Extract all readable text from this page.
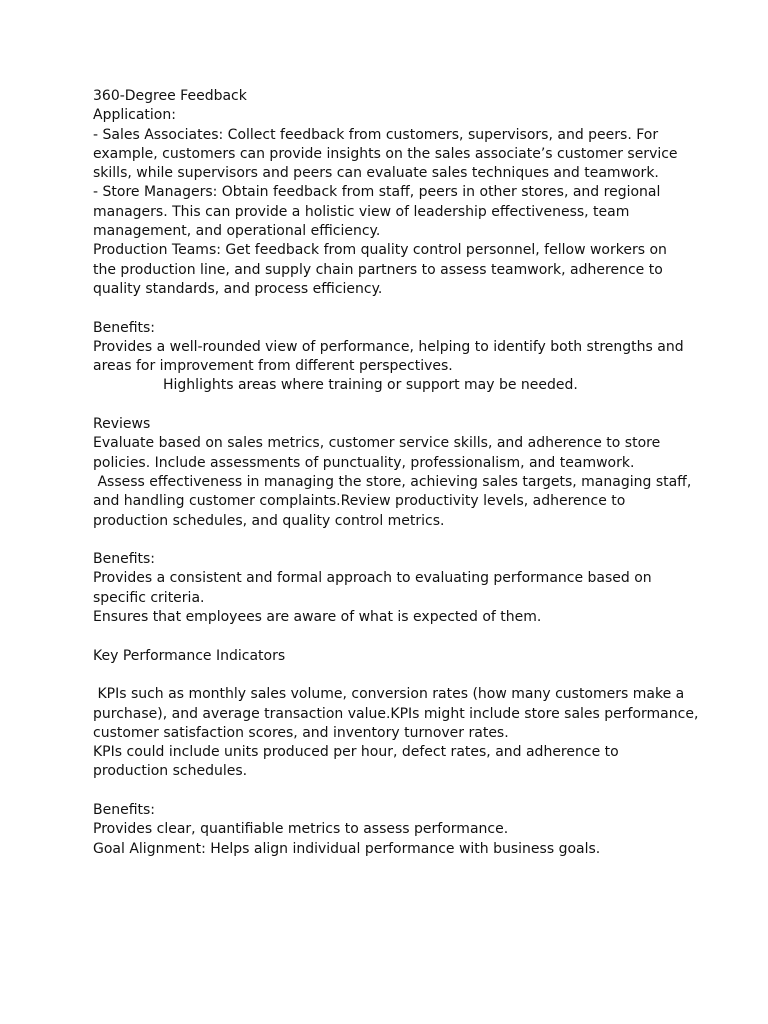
360-Degree Feedback
Application:
- Sales Associates: Collect feedback from customers, supervisors, and peers. For
example, customers can provide insights on the sales associate’s customer service
skills, while supervisors and peers can evaluate sales techniques and teamwork.
- Store Managers: Obtain feedback from staff, peers in other stores, and regional
managers. This can provide a holistic view of leadership effectiveness, team
management, and operational efficiency.
Production Teams: Get feedback from quality control personnel, fellow workers on
the production line, and supply chain partners to assess teamwork, adherence to
quality standards, and process efficiency.
Benefits:
Provides a well-rounded view of performance, helping to identify both strengths and
areas for improvement from different perspectives.
Highlights areas where training or support may be needed.
Reviews
Evaluate based on sales metrics, customer service skills, and adherence to store
policies. Include assessments of punctuality, professionalism, and teamwork.
Assess effectiveness in managing the store, achieving sales targets, managing staff,
and handling customer complaints.Review productivity levels, adherence to
production schedules, and quality control metrics.
Benefits:
Provides a consistent and formal approach to evaluating performance based on
specific criteria.
Ensures that employees are aware of what is expected of them.
Key Performance Indicators
KPIs such as monthly sales volume, conversion rates (how many customers make a
purchase), and average transaction value.KPIs might include store sales performance,
customer satisfaction scores, and inventory turnover rates.
KPIs could include units produced per hour, defect rates, and adherence to
production schedules.
Benefits:
Provides clear, quantifiable metrics to assess performance.
Goal Alignment: Helps align individual performance with business goals.
